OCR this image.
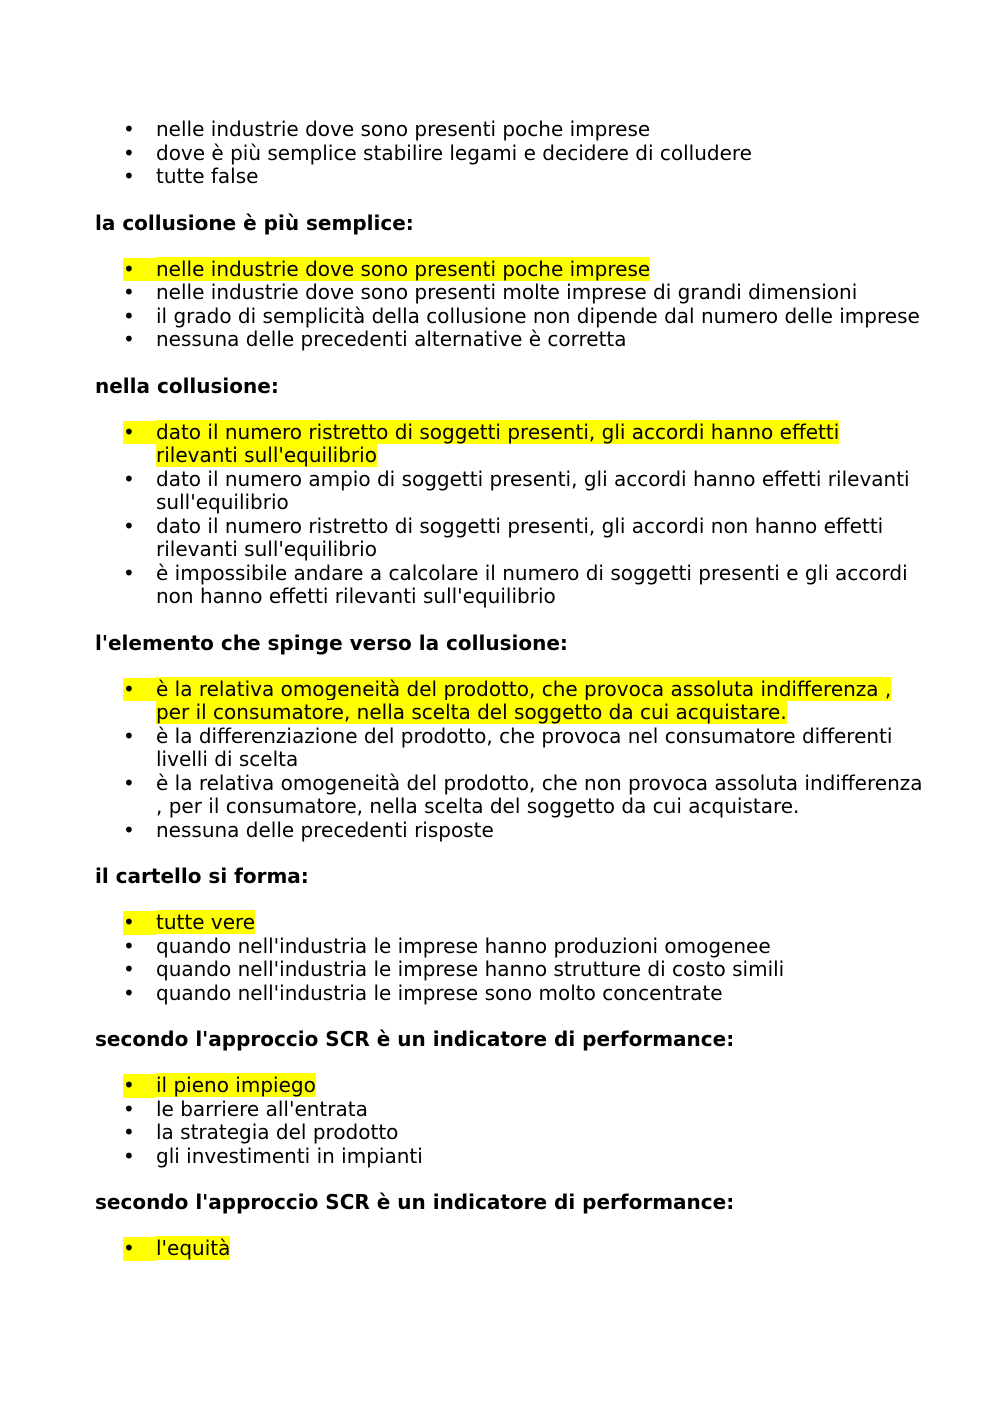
•	nelle industrie dove sono presenti poche imprese
•	dove è più semplice stabilire legami e decidere di colludere
•	tutte false
la collusione è più semplice:
•	nelle industrie dove sono presenti poche imprese
•	nelle industrie dove sono presenti molte imprese di grandi dimensioni
•	il grado di semplicità della collusione non dipende dal numero delle imprese
•	nessuna delle precedenti alternative è corretta
nella collusione:
•	dato il numero ristretto di soggetti presenti, gli accordi hanno effetti rilevanti sull'equilibrio
•	dato il numero ampio di soggetti presenti, gli accordi hanno effetti rilevanti sull'equilibrio
•	dato il numero ristretto di soggetti presenti, gli accordi non hanno effetti rilevanti sull'equilibrio
•	è impossibile andare a calcolare il numero di soggetti presenti e gli accordi non hanno effetti rilevanti sull'equilibrio
l'elemento che spinge verso la collusione:
•	è la relativa omogeneità del prodotto, che provoca assoluta indifferenza , per il consumatore, nella scelta del soggetto da cui acquistare.
•	è la differenziazione del prodotto, che provoca nel consumatore differenti livelli di scelta
•	è la relativa omogeneità del prodotto, che non provoca assoluta indifferenza , per il consumatore, nella scelta del soggetto da cui acquistare.
•	nessuna delle precedenti risposte
il cartello si forma:
•	tutte vere
•	quando nell'industria le imprese hanno produzioni omogenee
•	quando nell'industria le imprese hanno strutture di costo simili
•	quando nell'industria le imprese sono molto concentrate
secondo l'approccio SCR è un indicatore di performance:
•	il pieno impiego
•	le barriere all'entrata
•	la strategia del prodotto
•	gli investimenti in impianti
secondo l'approccio SCR è un indicatore di performance:
•	l'equità
